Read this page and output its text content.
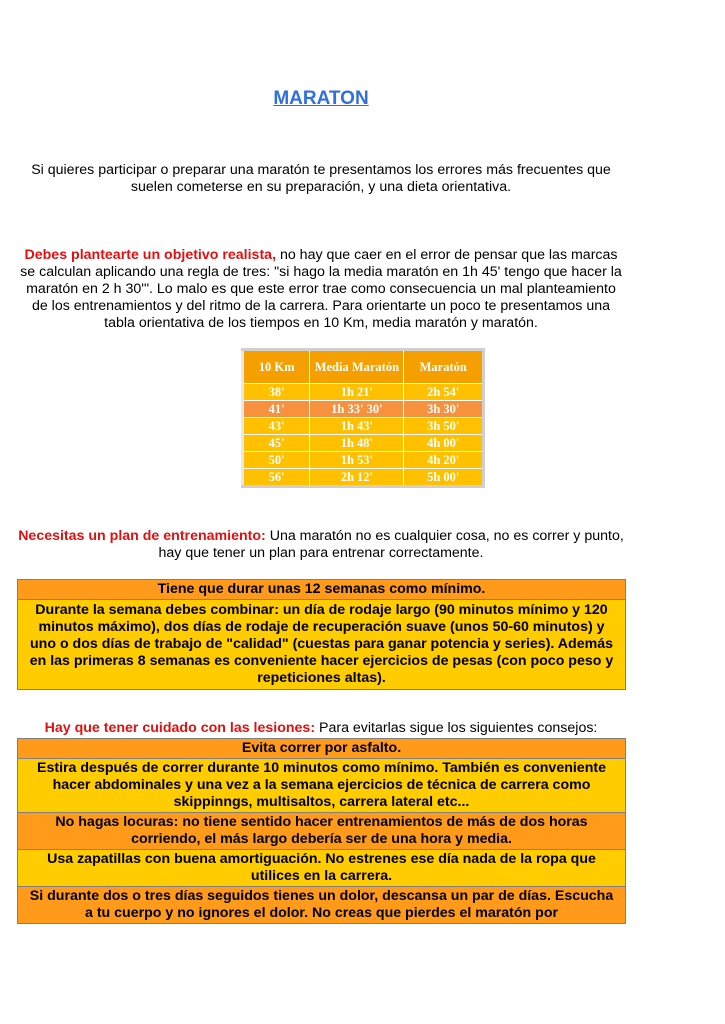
MARATON
Si quieres participar o preparar una maratón te presentamos los errores más frecuentes que suelen cometerse en su preparación, y una dieta orientativa.
Debes plantearte un objetivo realista, no hay que caer en el error de pensar que las marcas se calculan aplicando una regla de tres: "si hago la media maratón en 1h 45' tengo que hacer la maratón en 2 h 30'". Lo malo es que este error trae como consecuencia un mal planteamiento de los entrenamientos y del ritmo de la carrera. Para orientarte un poco te presentamos una tabla orientativa de los tiempos en 10 Km, media maratón y maratón.
10 Km	Media Maratón	Maratón
38'	1h 21'	2h 54'
41'	1h 33' 30'	3h 30'
43'	1h 43'	3h 50'
45'	1h 48'	4h 00'
50'	1h 53'	4h 20'
56'	2h 12'	5h 00'
Necesitas un plan de entrenamiento: Una maratón no es cualquier cosa, no es correr y punto, hay que tener un plan para entrenar correctamente.
Tiene que durar unas 12 semanas como mínimo.
Durante la semana debes combinar: un día de rodaje largo (90 minutos mínimo y 120 minutos máximo), dos días de rodaje de recuperación suave (unos 50-60 minutos) y uno o dos días de trabajo de "calidad" (cuestas para ganar potencia y series). Además en las primeras 8 semanas es conveniente hacer ejercicios de pesas (con poco peso y repeticiones altas).
Hay que tener cuidado con las lesiones: Para evitarlas sigue los siguientes consejos:
Evita correr por asfalto.
Estira después de correr durante 10 minutos como mínimo. También es conveniente hacer abdominales y una vez a la semana ejercicios de técnica de carrera como skippinngs, multisaltos, carrera lateral etc...
No hagas locuras: no tiene sentido hacer entrenamientos de más de dos horas corriendo, el más largo debería ser de una hora y media.
Usa zapatillas con buena amortiguación. No estrenes ese día nada de la ropa que utilices en la carrera.
Si durante dos o tres días seguidos tienes un dolor, descansa un par de días. Escucha a tu cuerpo y no ignores el dolor. No creas que pierdes el maratón por
